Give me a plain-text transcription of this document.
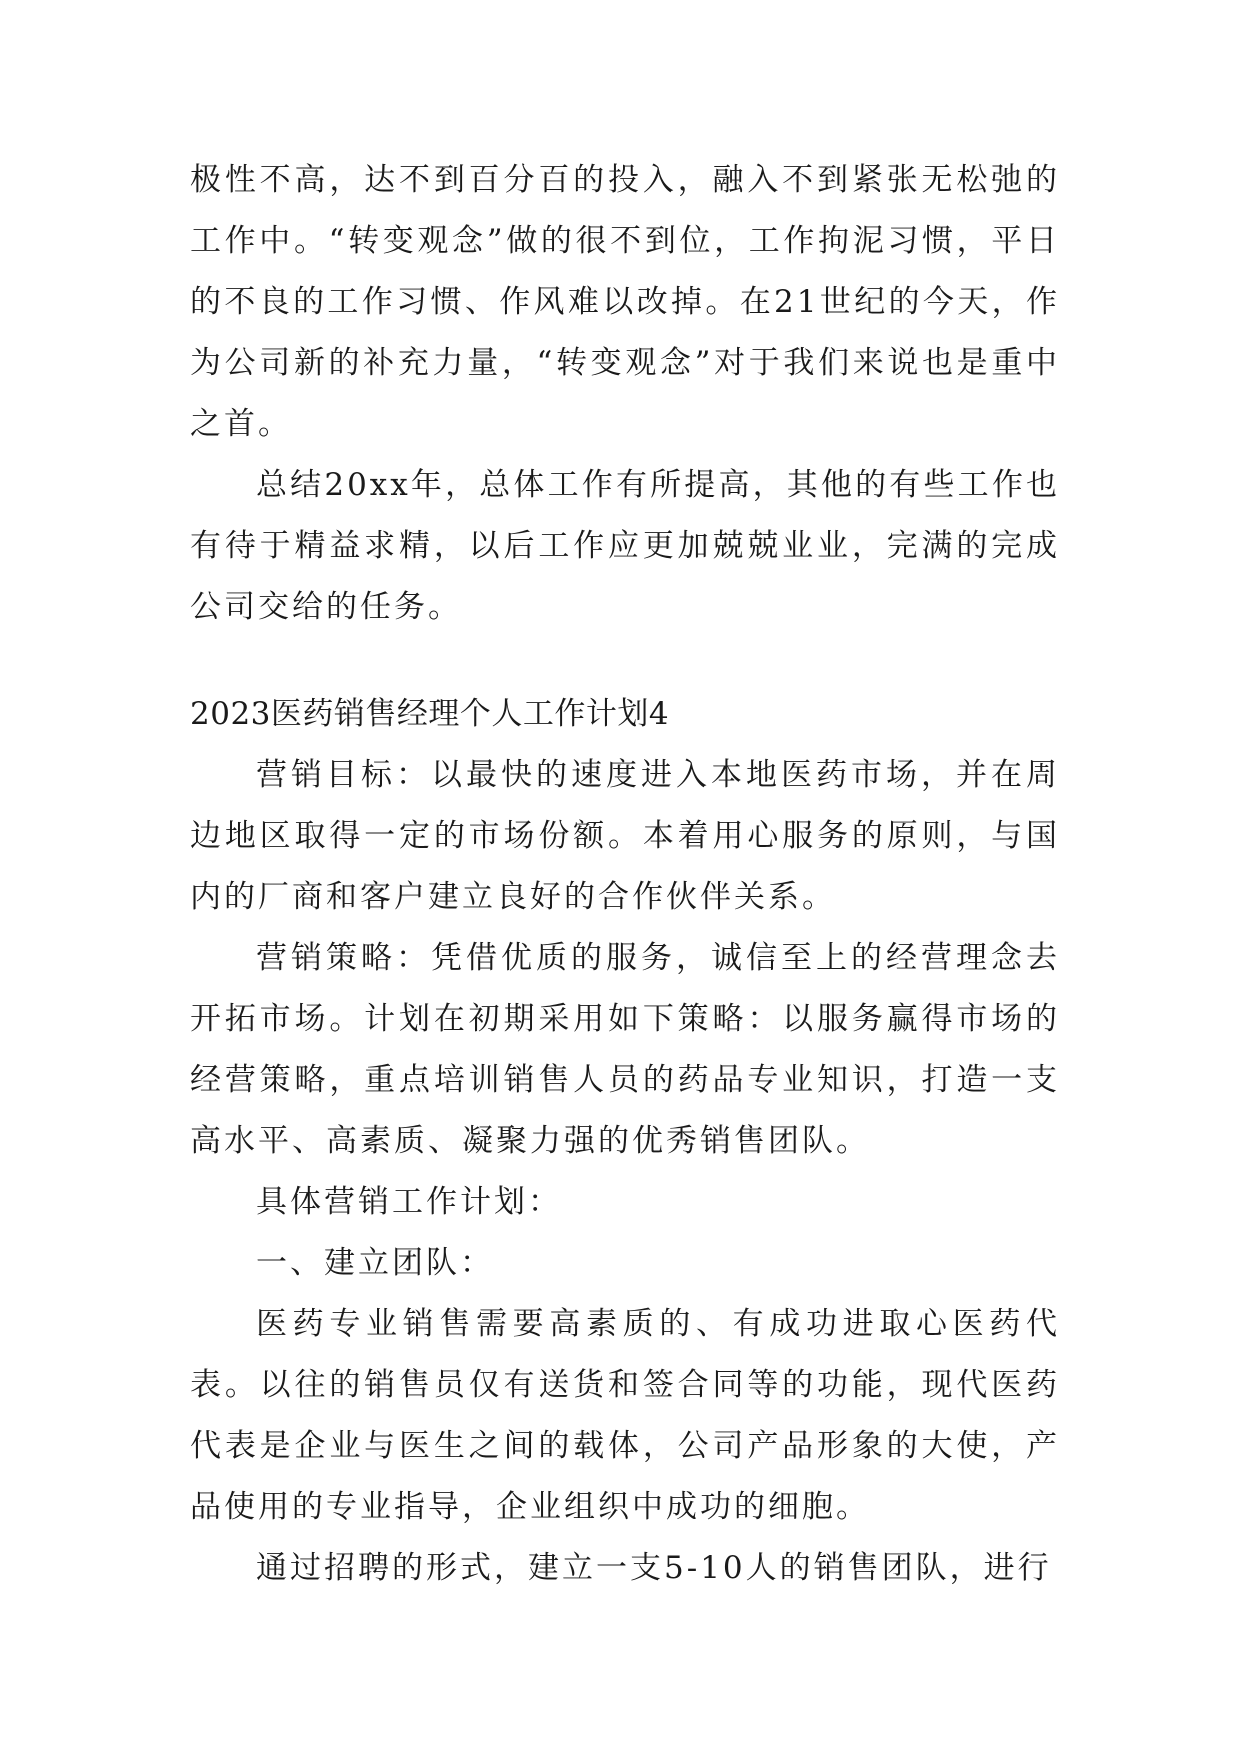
极性不高，达不到百分百的投入，融入不到紧张无松弛的工作中。“转变观念”做的很不到位，工作拘泥习惯，平日的不良的工作习惯、作风难以改掉。在21世纪的今天，作为公司新的补充力量，“转变观念”对于我们来说也是重中之首。

总结20xx年，总体工作有所提高，其他的有些工作也有待于精益求精，以后工作应更加兢兢业业，完满的完成公司交给的任务。

2023医药销售经理个人工作计划4

营销目标：以最快的速度进入本地医药市场，并在周边地区取得一定的市场份额。本着用心服务的原则，与国内的厂商和客户建立良好的合作伙伴关系。

营销策略：凭借优质的服务，诚信至上的经营理念去开拓市场。计划在初期采用如下策略：以服务赢得市场的经营策略，重点培训销售人员的药品专业知识，打造一支高水平、高素质、凝聚力强的优秀销售团队。

具体营销工作计划：

一、建立团队：

医药专业销售需要高素质的、有成功进取心医药代表。以往的销售员仅有送货和签合同等的功能，现代医药代表是企业与医生之间的载体，公司产品形象的大使，产品使用的专业指导，企业组织中成功的细胞。

通过招聘的形式，建立一支5-10人的销售团队，进行
